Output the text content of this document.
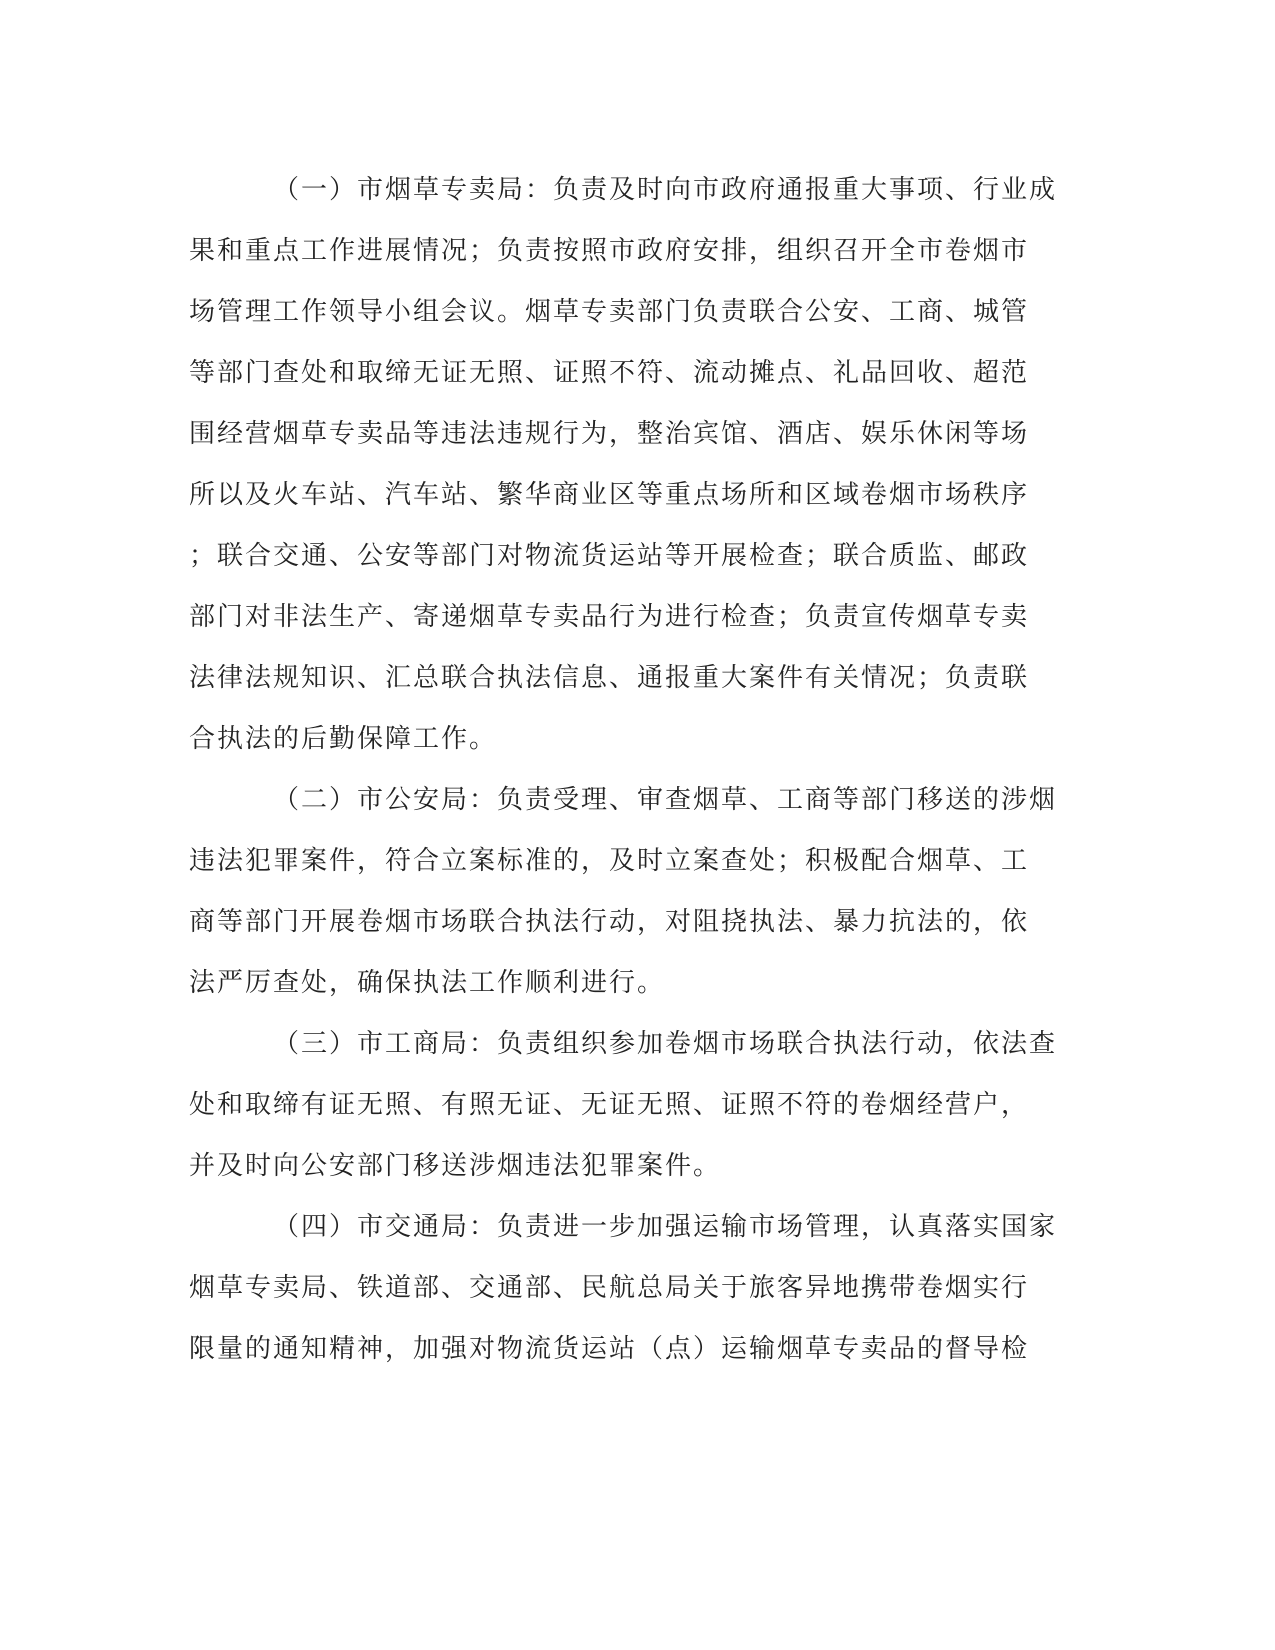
（一）市烟草专卖局：负责及时向市政府通报重大事项、行业成
果和重点工作进展情况；负责按照市政府安排，组织召开全市卷烟市
场管理工作领导小组会议。烟草专卖部门负责联合公安、工商、城管
等部门查处和取缔无证无照、证照不符、流动摊点、礼品回收、超范
围经营烟草专卖品等违法违规行为，整治宾馆、酒店、娱乐休闲等场
所以及火车站、汽车站、繁华商业区等重点场所和区域卷烟市场秩序
；联合交通、公安等部门对物流货运站等开展检查；联合质监、邮政
部门对非法生产、寄递烟草专卖品行为进行检查；负责宣传烟草专卖
法律法规知识、汇总联合执法信息、通报重大案件有关情况；负责联
合执法的后勤保障工作。

（二）市公安局：负责受理、审查烟草、工商等部门移送的涉烟
违法犯罪案件，符合立案标准的，及时立案查处；积极配合烟草、工
商等部门开展卷烟市场联合执法行动，对阻挠执法、暴力抗法的，依
法严厉查处，确保执法工作顺利进行。

（三）市工商局：负责组织参加卷烟市场联合执法行动，依法查
处和取缔有证无照、有照无证、无证无照、证照不符的卷烟经营户，
并及时向公安部门移送涉烟违法犯罪案件。

（四）市交通局：负责进一步加强运输市场管理，认真落实国家
烟草专卖局、铁道部、交通部、民航总局关于旅客异地携带卷烟实行
限量的通知精神，加强对物流货运站（点）运输烟草专卖品的督导检
